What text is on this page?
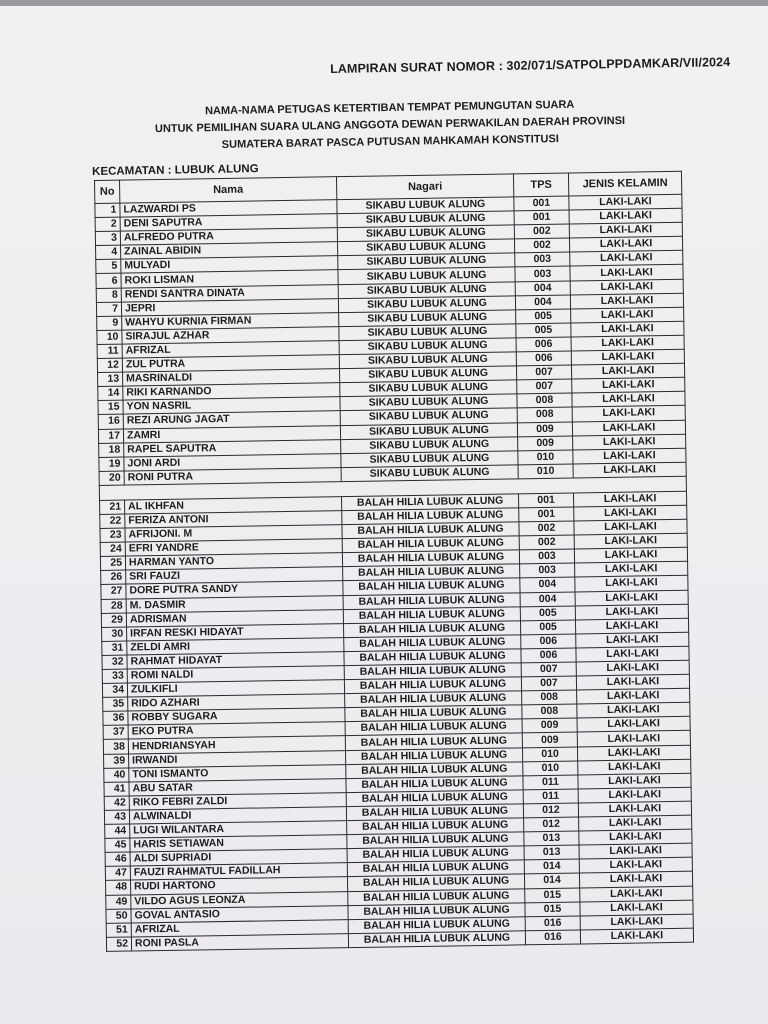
LAMPIRAN SURAT NOMOR : 302/071/SATPOLPPDAMKAR/VII/2024
NAMA-NAMA PETUGAS KETERTIBAN TEMPAT PEMUNGUTAN SUARA
UNTUK PEMILIHAN SUARA ULANG ANGGOTA DEWAN PERWAKILAN DAERAH PROVINSI
SUMATERA BARAT PASCA PUTUSAN MAHKAMAH KONSTITUSI
KECAMATAN : LUBUK ALUNG
No	Nama	Nagari	TPS	JENIS KELAMIN
1	LAZWARDI PS	SIKABU LUBUK ALUNG	001	LAKI-LAKI
2	DENI SAPUTRA	SIKABU LUBUK ALUNG	001	LAKI-LAKI
3	ALFREDO PUTRA	SIKABU LUBUK ALUNG	002	LAKI-LAKI
4	ZAINAL ABIDIN	SIKABU LUBUK ALUNG	002	LAKI-LAKI
5	MULYADI	SIKABU LUBUK ALUNG	003	LAKI-LAKI
6	ROKI LISMAN	SIKABU LUBUK ALUNG	003	LAKI-LAKI
8	RENDI SANTRA DINATA	SIKABU LUBUK ALUNG	004	LAKI-LAKI
7	JEPRI	SIKABU LUBUK ALUNG	004	LAKI-LAKI
9	WAHYU KURNIA FIRMAN	SIKABU LUBUK ALUNG	005	LAKI-LAKI
10	SIRAJUL AZHAR	SIKABU LUBUK ALUNG	005	LAKI-LAKI
11	AFRIZAL	SIKABU LUBUK ALUNG	006	LAKI-LAKI
12	ZUL PUTRA	SIKABU LUBUK ALUNG	006	LAKI-LAKI
13	MASRINALDI	SIKABU LUBUK ALUNG	007	LAKI-LAKI
14	RIKI KARNANDO	SIKABU LUBUK ALUNG	007	LAKI-LAKI
15	YON NASRIL	SIKABU LUBUK ALUNG	008	LAKI-LAKI
16	REZI ARUNG JAGAT	SIKABU LUBUK ALUNG	008	LAKI-LAKI
17	ZAMRI	SIKABU LUBUK ALUNG	009	LAKI-LAKI
18	RAPEL SAPUTRA	SIKABU LUBUK ALUNG	009	LAKI-LAKI
19	JONI ARDI	SIKABU LUBUK ALUNG	010	LAKI-LAKI
20	RONI PUTRA	SIKABU LUBUK ALUNG	010	LAKI-LAKI

21	AL IKHFAN	BALAH HILIA LUBUK ALUNG	001	LAKI-LAKI
22	FERIZA ANTONI	BALAH HILIA LUBUK ALUNG	001	LAKI-LAKI
23	AFRIJONI. M	BALAH HILIA LUBUK ALUNG	002	LAKI-LAKI
24	EFRI YANDRE	BALAH HILIA LUBUK ALUNG	002	LAKI-LAKI
25	HARMAN YANTO	BALAH HILIA LUBUK ALUNG	003	LAKI-LAKI
26	SRI FAUZI	BALAH HILIA LUBUK ALUNG	003	LAKI-LAKI
27	DORE PUTRA SANDY	BALAH HILIA LUBUK ALUNG	004	LAKI-LAKI
28	M. DASMIR	BALAH HILIA LUBUK ALUNG	004	LAKI-LAKI
29	ADRISMAN	BALAH HILIA LUBUK ALUNG	005	LAKI-LAKI
30	IRFAN RESKI HIDAYAT	BALAH HILIA LUBUK ALUNG	005	LAKI-LAKI
31	ZELDI AMRI	BALAH HILIA LUBUK ALUNG	006	LAKI-LAKI
32	RAHMAT HIDAYAT	BALAH HILIA LUBUK ALUNG	006	LAKI-LAKI
33	ROMI NALDI	BALAH HILIA LUBUK ALUNG	007	LAKI-LAKI
34	ZULKIFLI	BALAH HILIA LUBUK ALUNG	007	LAKI-LAKI
35	RIDO AZHARI	BALAH HILIA LUBUK ALUNG	008	LAKI-LAKI
36	ROBBY SUGARA	BALAH HILIA LUBUK ALUNG	008	LAKI-LAKI
37	EKO PUTRA	BALAH HILIA LUBUK ALUNG	009	LAKI-LAKI
38	HENDRIANSYAH	BALAH HILIA LUBUK ALUNG	009	LAKI-LAKI
39	IRWANDI	BALAH HILIA LUBUK ALUNG	010	LAKI-LAKI
40	TONI ISMANTO	BALAH HILIA LUBUK ALUNG	010	LAKI-LAKI
41	ABU SATAR	BALAH HILIA LUBUK ALUNG	011	LAKI-LAKI
42	RIKO FEBRI ZALDI	BALAH HILIA LUBUK ALUNG	011	LAKI-LAKI
43	ALWINALDI	BALAH HILIA LUBUK ALUNG	012	LAKI-LAKI
44	LUGI WILANTARA	BALAH HILIA LUBUK ALUNG	012	LAKI-LAKI
45	HARIS SETIAWAN	BALAH HILIA LUBUK ALUNG	013	LAKI-LAKI
46	ALDI SUPRIADI	BALAH HILIA LUBUK ALUNG	013	LAKI-LAKI
47	FAUZI RAHMATUL FADILLAH	BALAH HILIA LUBUK ALUNG	014	LAKI-LAKI
48	RUDI HARTONO	BALAH HILIA LUBUK ALUNG	014	LAKI-LAKI
49	VILDO AGUS LEONZA	BALAH HILIA LUBUK ALUNG	015	LAKI-LAKI
50	GOVAL ANTASIO	BALAH HILIA LUBUK ALUNG	015	LAKI-LAKI
51	AFRIZAL	BALAH HILIA LUBUK ALUNG	016	LAKI-LAKI
52	RONI PASLA	BALAH HILIA LUBUK ALUNG	016	LAKI-LAKI
